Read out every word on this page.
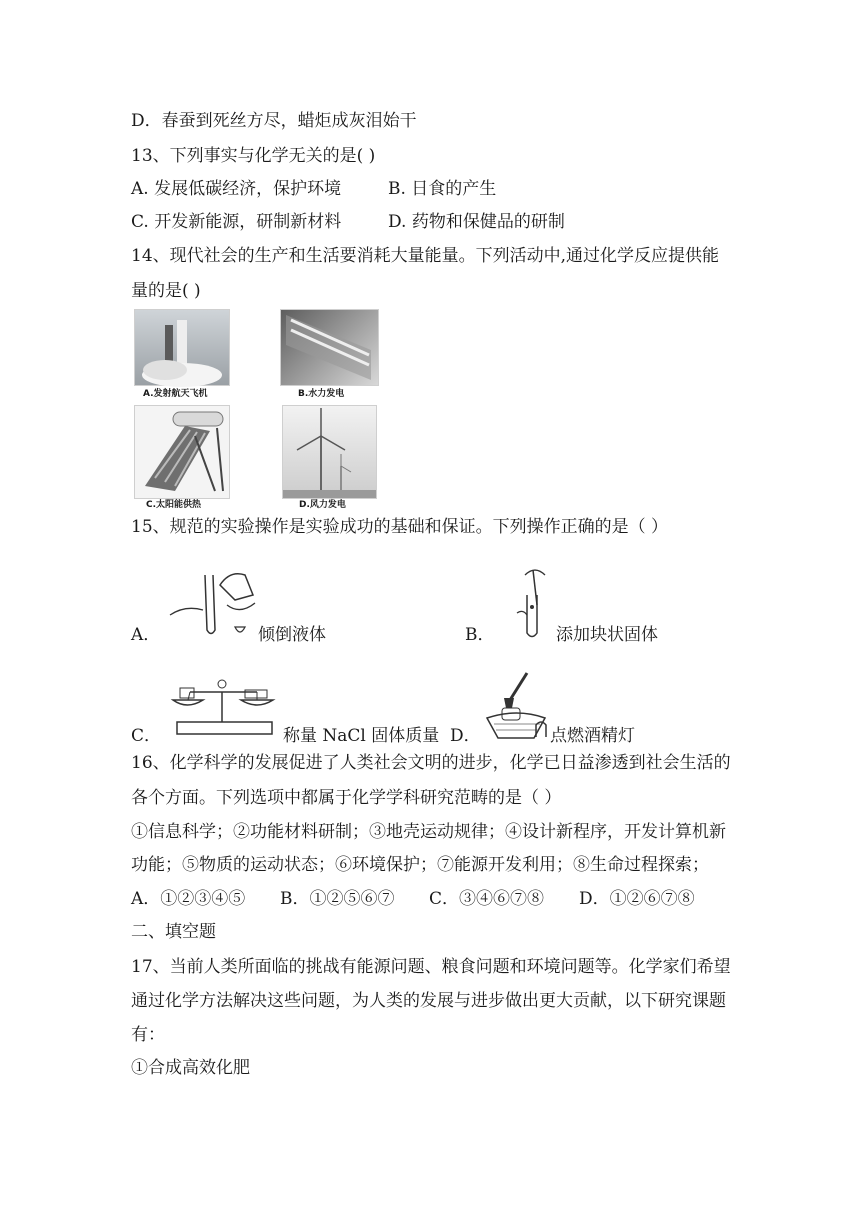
D．春蚕到死丝方尽，蜡炬成灰泪始干
13、下列事实与化学无关的是( )
A. 发展低碳经济，保护环境	B. 日食的产生
C. 开发新能源，研制新材料	D. 药物和保健品的研制
14、现代社会的生产和生活要消耗大量能量。下列活动中,通过化学反应提供能
量的是( )
A.发射航天飞机	B.水力发电
C.太阳能供热	D.风力发电
15、规范的实验操作是实验成功的基础和保证。下列操作正确的是（ ）
A．	倾倒液体	B．	添加块状固体
C．	称量 NaCl 固体质量 D．	点燃酒精灯
16、化学科学的发展促进了人类社会文明的进步，化学已日益渗透到社会生活的
各个方面。下列选项中都属于化学学科研究范畴的是（ ）
①信息科学；②功能材料研制；③地壳运动规律；④设计新程序，开发计算机新
功能；⑤物质的运动状态；⑥环境保护；⑦能源开发利用；⑧生命过程探索；
A．①②③④⑤ B．①②⑤⑥⑦ C．③④⑥⑦⑧ D．①②⑥⑦⑧
二、填空题
17、当前人类所面临的挑战有能源问题、粮食问题和环境问题等。化学家们希望
通过化学方法解决这些问题，为人类的发展与进步做出更大贡献，以下研究课题
有：
①合成高效化肥
